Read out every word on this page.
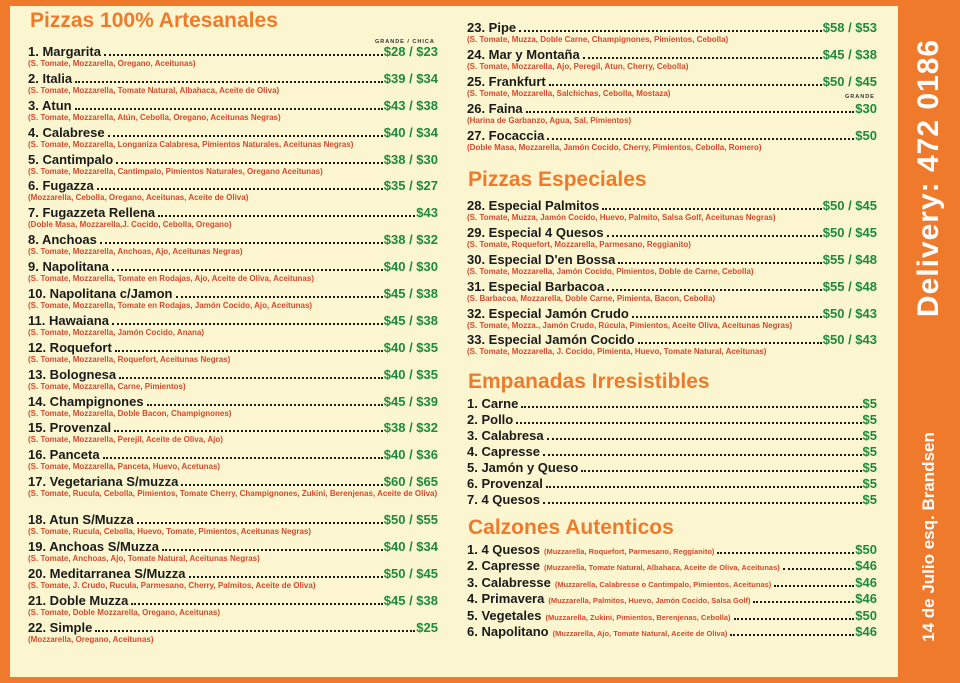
Pizzas 100% Artesanales
GRANDE / CHICA
1. Margarita	$28 / $23
(S. Tomate, Mozzarella, Oregano, Aceitunas)
2. Italia	$39 / $34
(S. Tomate, Mozzarella, Tomate Natural, Albahaca, Aceite de Oliva)
3. Atun	$43 / $38
(S. Tomate, Mozzarella, Atún, Cebolla, Oregano, Aceitunas Negras)
4. Calabrese	$40 / $34
(S. Tomate, Mozzarella, Longaniza Calabresa, Pimientos Naturales, Aceitunas Negras)
5. Cantimpalo	$38 / $30
(S. Tomate, Mozzarella, Cantimpalo, Pimientos Naturales, Oregano Aceitunas)
6. Fugazza	$35 / $27
(Mozzarella, Cebolla, Oregano, Aceitunas, Aceite de Oliva)
7. Fugazzeta Rellena	$43
(Doble Masa, Mozzarella,J. Cocido, Cebolla, Oregano)
8. Anchoas	$38 / $32
(S. Tomate, Mozzarella, Anchoas, Ajo, Aceitunas Negras)
9. Napolitana	$40 / $30
(S. Tomate, Mozzarella, Tomate en Rodajas, Ajo, Aceite de Oliva, Aceitunas)
10. Napolitana c/Jamon	$45 / $38
(S. Tomate, Mozzarella, Tomate en Rodajas, Jamón Cocido, Ajo, Aceitunas)
11. Hawaiana	$45 / $38
(S. Tomate, Mozzarella, Jamón Cocido, Anana)
12. Roquefort	$40 / $35
(S. Tomate, Mozzarella, Roquefort, Aceitunas Negras)
13. Bolognesa	$40 / $35
(S. Tomate, Mozzarella, Carne, Pimientos)
14. Champignones	$45 / $39
(S. Tomate, Mozzarella, Doble Bacon, Champignones)
15. Provenzal	$38 / $32
(S. Tomate, Mozzarella, Perejil, Aceite de Oliva, Ajo)
16. Panceta	$40 / $36
(S. Tomate, Mozzarella, Panceta, Huevo, Acetunas)
17. Vegetariana S/muzza	$60 / $65
(S. Tomate, Rucula, Cebolla, Pimientos, Tomate Cherry, Champignones, Zukini, Berenjenas, Aceite de Oliva)
18. Atun S/Muzza	$50 / $55
(S. Tomate, Rucula, Cebolla, Huevo, Tomate, Pimientos, Aceitunas Negras)
19. Anchoas S/Muzza	$40 / $34
(S. Tomate, Anchoas, Ajo, Tomate Natural, Aceitunas Negras)
20. Meditarranea S/Muzza	$50 / $45
(S. Tomate, J. Crudo, Rucula, Parmesano, Cherry, Palmitos, Aceite de Oliva)
21. Doble Muzza	$45 / $38
(S. Tomate, Doble Mozzarella, Oregano, Aceitunas)
22. Simple	$25
(Mozzarella, Oregano, Aceitunas)
GRANDE
23. Pipe	$58 / $53
(S. Tomate, Muzza, Doble Carne, Champignones, Pimientos, Cebolla)
24. Mar y Montaña	$45 / $38
(S. Tomate, Mozzarella, Ajo, Peregil, Atun, Cherry, Cebolla)
25. Frankfurt	$50 / $45
(S. Tomate, Mozzarella, Salchichas, Cebolla, Mostaza)
26. Faina	$30
(Harina de Garbanzo, Agua, Sal, Pimientos)
27. Focaccia	$50
(Doble Masa, Mozzarella, Jamón Cocido, Cherry, Pimientos, Cebolla, Romero)
Pizzas Especiales
28. Especial Palmitos	$50 / $45
(S. Tomate, Muzza, Jamón Cocido, Huevo, Palmito, Salsa Golf, Aceitunas Negras)
29. Especial 4 Quesos	$50 / $45
(S. Tomate, Roquefort, Mozzarella, Parmesano, Reggianito)
30. Especial D'en Bossa	$55 / $48
(S. Tomate, Mozzarella, Jamón Cocido, Pimientos, Doble de Carne, Cebolla)
31. Especial Barbacoa	$55 / $48
(S. Barbacoa, Mozzarella, Doble Carne, Pimienta, Bacon, Cebolla)
32. Especial Jamón Crudo	$50 / $43
(S. Tomate, Mozza., Jamón Crudo, Rúcula, Pimientos, Aceite Oliva, Aceitunas Negras)
33. Especial Jamón Cocido	$50 / $43
(S. Tomate, Mozzarella, J. Cocido, Pimienta, Huevo, Tomate Natural, Aceitunas)
Empanadas Irresistibles
1. Carne	$5
2. Pollo	$5
3. Calabresa	$5
4. Capresse	$5
5. Jamón y Queso	$5
6. Provenzal	$5
7. 4 Quesos	$5
Calzones Autenticos
1. 4 Quesos (Muzzarella, Roquefort, Parmesano, Reggianito)	$50
2. Capresse (Muzzarella, Tomate Natural, Albahaca, Aceite de Oliva, Aceitunas)	$46
3. Calabresse (Muzzarella, Calabresse o Cantimpalo, Pimientos, Aceitunas)	$46
4. Primavera (Muzzarella, Palmitos, Huevo, Jamón Cocido, Salsa Golf)	$46
5. Vegetales (Muzzarella, Zukini, Pimientos, Berenjenas, Cebolla)	$50
6. Napolitano (Muzzarella, Ajo, Tomate Natural, Aceite de Oliva)	$46
Delivery: 472 0186
14 de Julio esq. Brandsen
